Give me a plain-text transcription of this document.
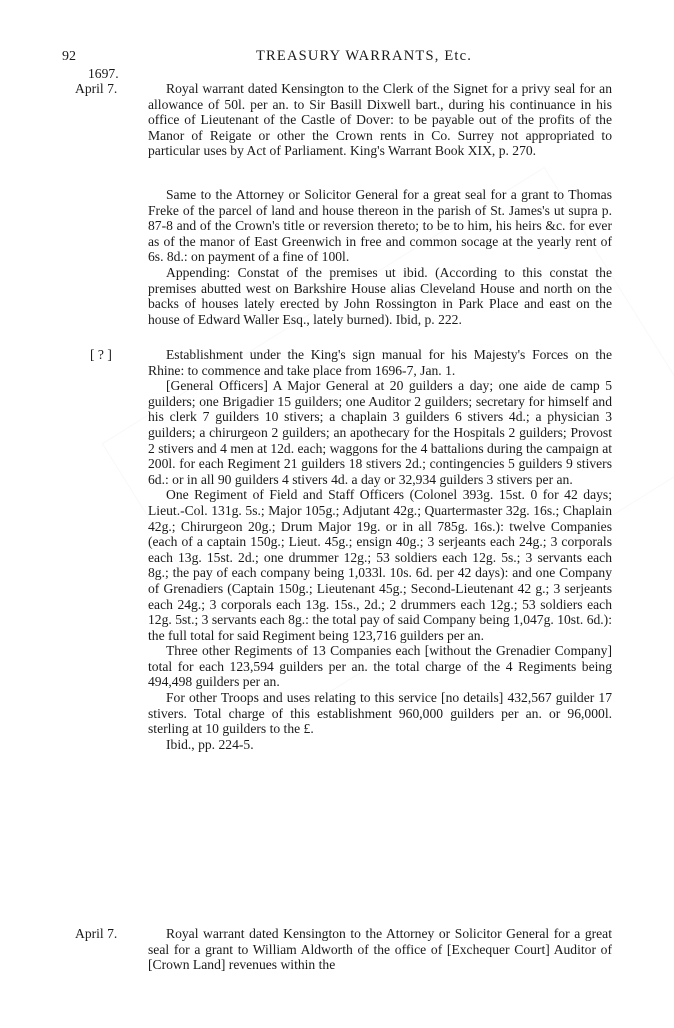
92	TREASURY WARRANTS, Etc.
1697.
April 7.	Royal warrant dated Kensington to the Clerk of the Signet for a privy seal for an allowance of 50l. per an. to Sir Basill Dixwell bart., during his continuance in his office of Lieutenant of the Castle of Dover: to be payable out of the profits of the Manor of Reigate or other the Crown rents in Co. Surrey not appropriated to particular uses by Act of Parliament. King's Warrant Book XIX, p. 270.

Same to the Attorney or Solicitor General for a great seal for a grant to Thomas Freke of the parcel of land and house thereon in the parish of St. James's ut supra p. 87-8 and of the Crown's title or reversion thereto; to be to him, his heirs &c. for ever as of the manor of East Greenwich in free and common socage at the yearly rent of 6s. 8d.: on payment of a fine of 100l.

Appending: Constat of the premises ut ibid. (According to this constat the premises abutted west on Barkshire House alias Cleveland House and north on the backs of houses lately erected by John Rossington in Park Place and east on the house of Edward Waller Esq., lately burned). Ibid, p. 222.

[ ? ]	Establishment under the King's sign manual for his Majesty's Forces on the Rhine: to commence and take place from 1696-7, Jan. 1.

[General Officers] A Major General at 20 guilders a day; one aide de camp 5 guilders; one Brigadier 15 guilders; one Auditor 2 guilders; secretary for himself and his clerk 7 guilders 10 stivers; a chaplain 3 guilders 6 stivers 4d.; a physician 3 guilders; a chirurgeon 2 guilders; an apothecary for the Hospitals 2 guilders; Provost 2 stivers and 4 men at 12d. each; waggons for the 4 battalions during the campaign at 200l. for each Regiment 21 guilders 18 stivers 2d.; contingencies 5 guilders 9 stivers 6d.: or in all 90 guilders 4 stivers 4d. a day or 32,934 guilders 3 stivers per an.

One Regiment of Field and Staff Officers (Colonel 393g. 15st. 0 for 42 days; Lieut.-Col. 131g. 5s.; Major 105g.; Adjutant 42g.; Quartermaster 32g. 16s.; Chaplain 42g.; Chirurgeon 20g.; Drum Major 19g. or in all 785g. 16s.): twelve Companies (each of a captain 150g.; Lieut. 45g.; ensign 40g.; 3 serjeants each 24g.; 3 corporals each 13g. 15st. 2d.; one drummer 12g.; 53 soldiers each 12g. 5s.; 3 servants each 8g.; the pay of each company being 1,033l. 10s. 6d. per 42 days): and one Company of Grenadiers (Captain 150g.; Lieutenant 45g.; Second-Lieutenant 42 g.; 3 serjeants each 24g.; 3 corporals each 13g. 15s., 2d.; 2 drummers each 12g.; 53 soldiers each 12g. 5st.; 3 servants each 8g.: the total pay of said Company being 1,047g. 10st. 6d.): the full total for said Regiment being 123,716 guilders per an.

Three other Regiments of 13 Companies each [without the Grenadier Company] total for each 123,594 guilders per an. the total charge of the 4 Regiments being 494,498 guilders per an.

For other Troops and uses relating to this service [no details] 432,567 guilder 17 stivers. Total charge of this establishment 960,000 guilders per an. or 96,000l. sterling at 10 guilders to the £.

Ibid., pp. 224-5.

April 7.	Royal warrant dated Kensington to the Attorney or Solicitor General for a great seal for a grant to William Aldworth of the office of [Exchequer Court] Auditor of [Crown Land] revenues within the
